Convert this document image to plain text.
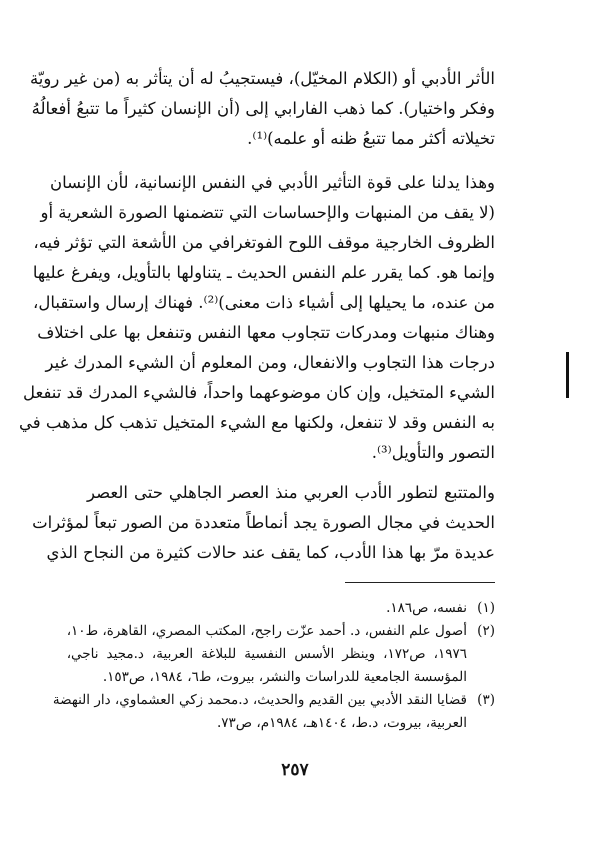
الأثر الأدبي أو (الكلام المخيّل)، فيستجيبُ له أن يتأثر به (من غير رويّة
وفكر واختيار). كما ذهب الفارابي إلى (أن الإنسان كثيراً ما تتبعُ أفعالُهُ
تخيلاته أكثر مما تتبعُ ظنه أو علمه)⁽¹⁾.
وهذا يدلنا على قوة التأثير الأدبي في النفس الإنسانية، لأن الإنسان
(لا يقف من المنبهات والإحساسات التي تتضمنها الصورة الشعرية أو
الظروف الخارجية موقف اللوح الفوتغرافي من الأشعة التي تؤثر فيه،
وإنما هو. كما يقرر علم النفس الحديث ـ يتناولها بالتأويل، ويفرغ عليها
من عنده، ما يحيلها إلى أشياء ذات معنى)⁽²⁾. فهناك إرسال واستقبال،
وهناك منبهات ومدركات تتجاوب معها النفس وتنفعل بها على اختلاف
درجات هذا التجاوب والانفعال، ومن المعلوم أن الشيء المدرك غير
الشيء المتخيل، وإن كان موضوعهما واحداً، فالشيء المدرك قد تنفعل
به النفس وقد لا تنفعل، ولكنها مع الشيء المتخيل تذهب كل مذهب في
التصور والتأويل⁽³⁾.
والمتتبع لتطور الأدب العربي منذ العصر الجاهلي حتى العصر
الحديث في مجال الصورة يجد أنماطاً متعددة من الصور تبعاً لمؤثرات
عديدة مرّ بها هذا الأدب، كما يقف عند حالات كثيرة من النجاح الذي
(١)
نفسه، ص١٨٦.
(٢)
أصول علم النفس، د. أحمد عزّت راجح، المكتب المصري، القاهرة، ط١٠،
١٩٧٦، ص١٧٢، وينظر الأسس النفسية للبلاغة العربية، د.مجيد ناجي،
المؤسسة الجامعية للدراسات والنشر، بيروت، ط٦، ١٩٨٤، ص١٥٣.
(٣)
قضايا النقد الأدبي بين القديم والحديث، د.محمد زكي العشماوي، دار النهضة
العربية، بيروت، د.ط، ١٤٠٤هـ، ١٩٨٤م، ص٧٣.
٢٥٧
